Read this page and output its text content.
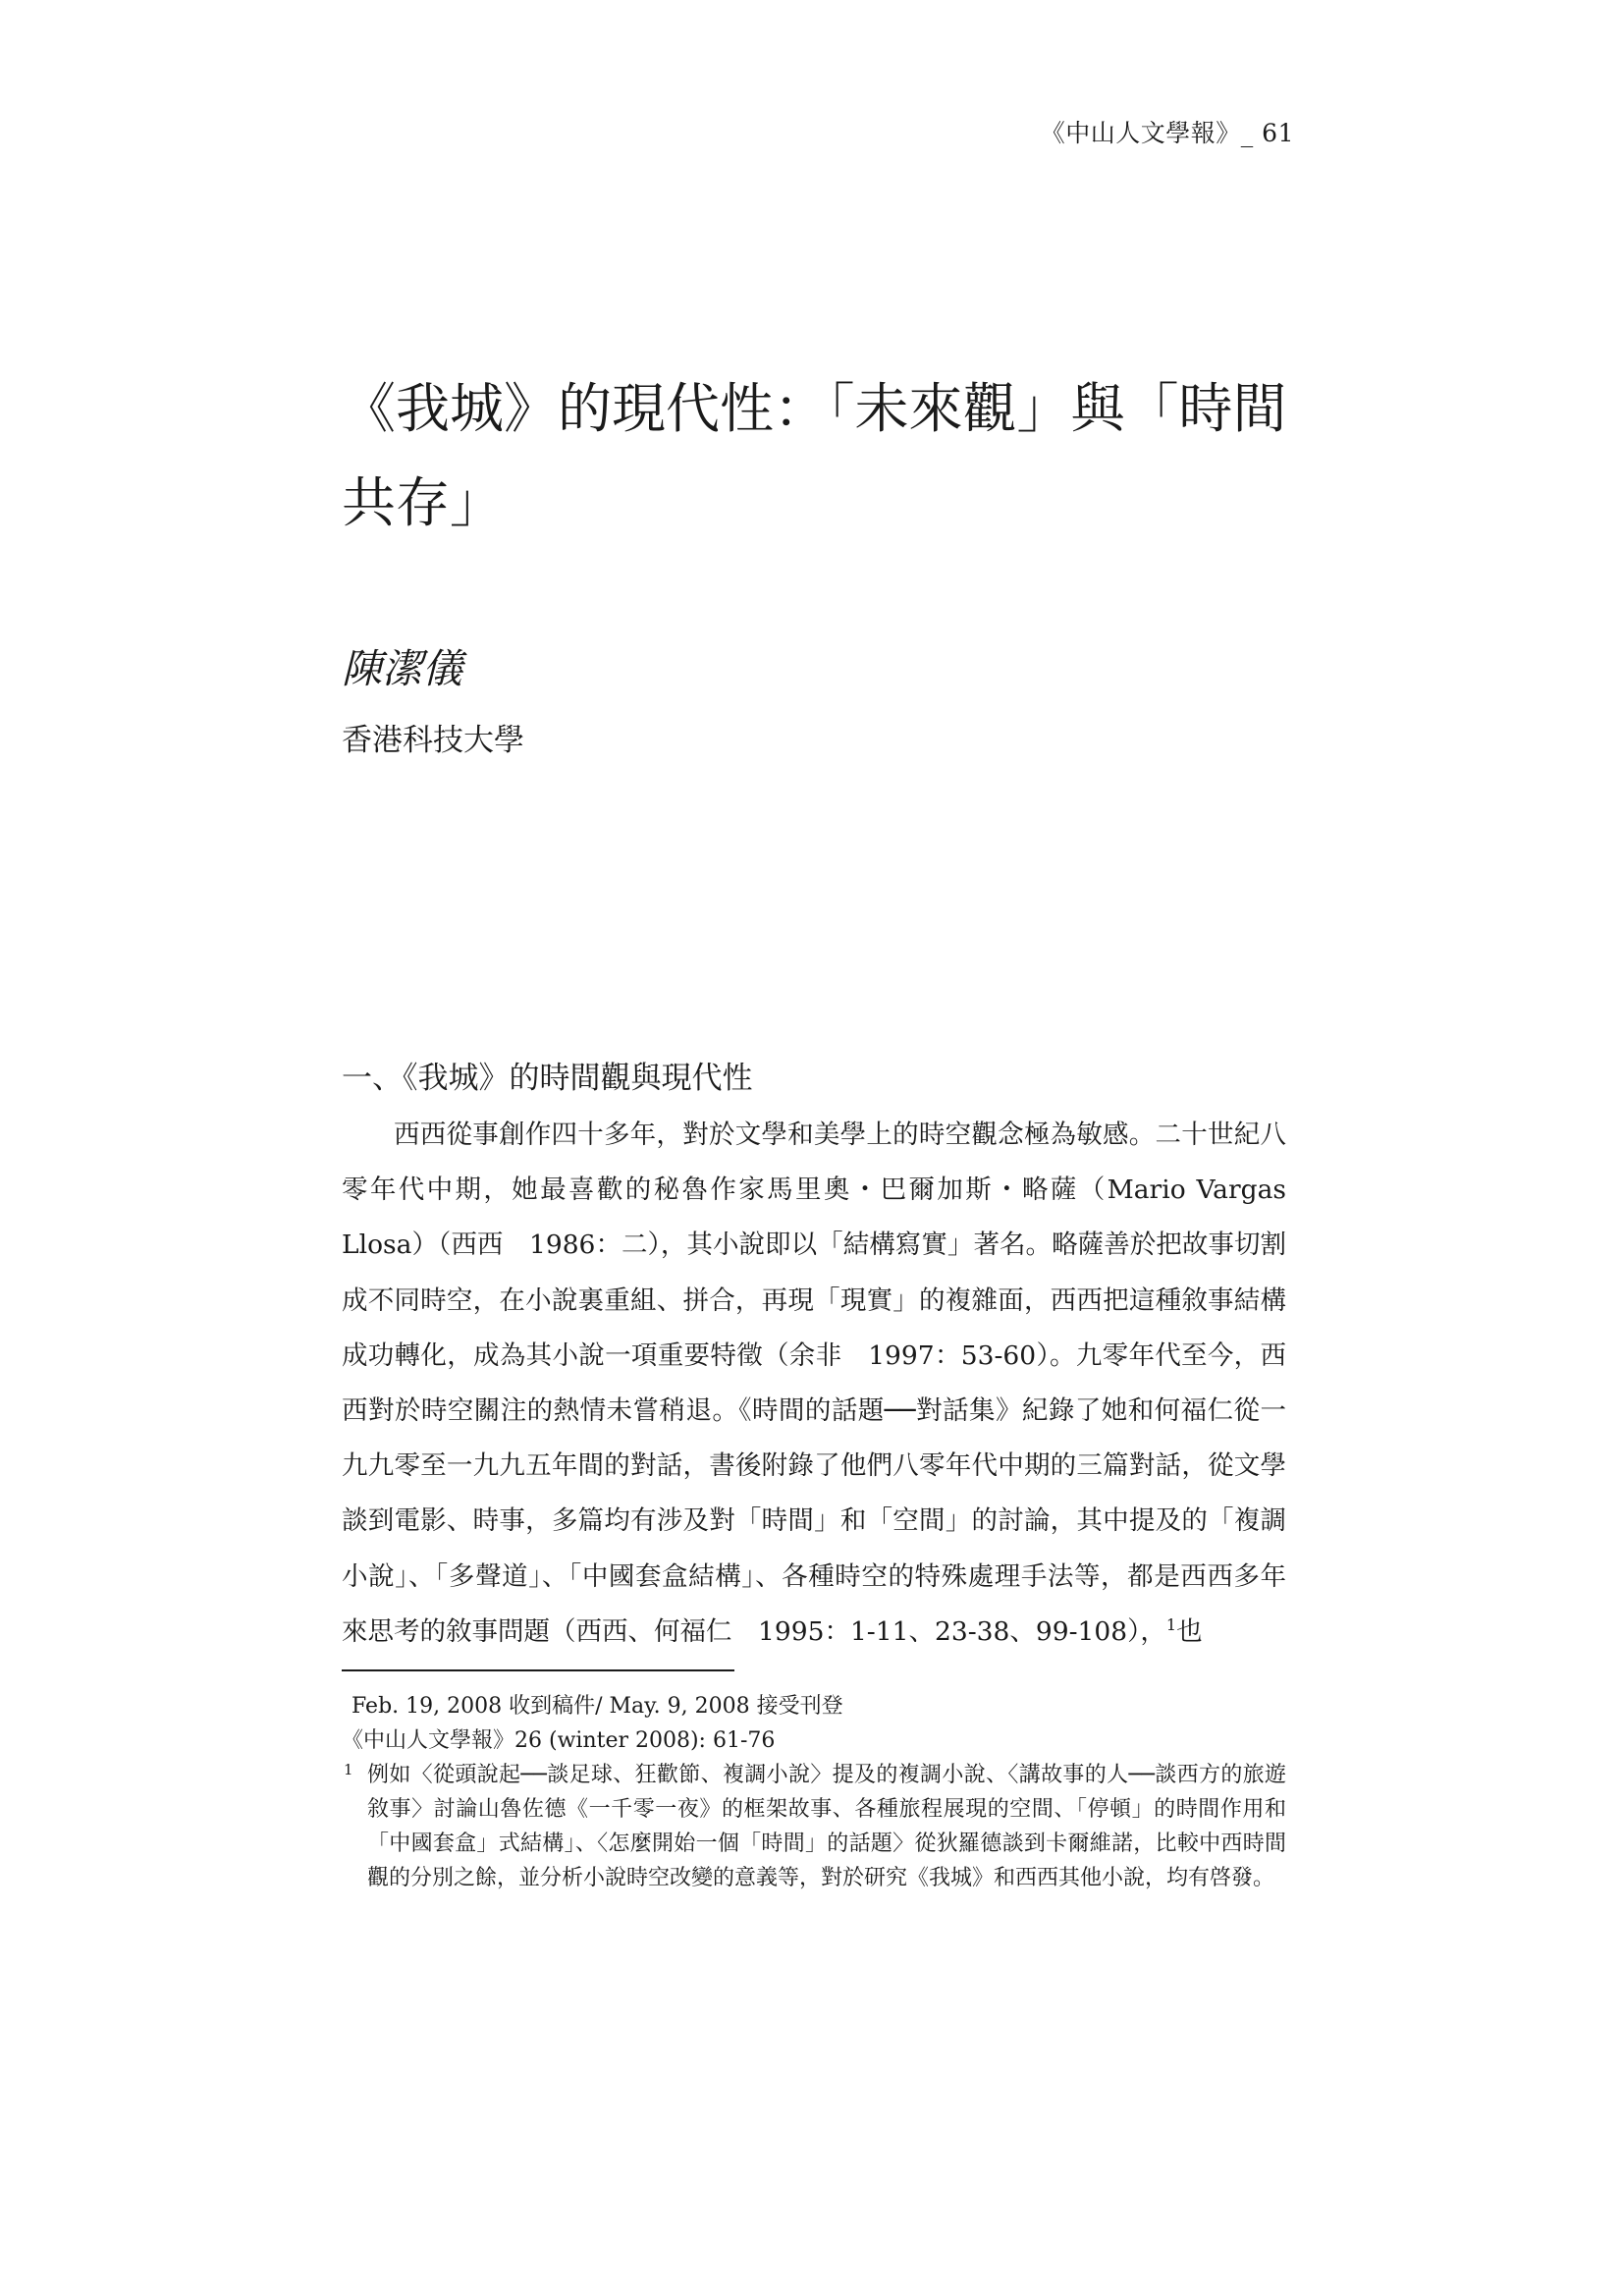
《中山人文學報》_ 61
《我城》的現代性：「未來觀」與「時間共存」
陳潔儀
香港科技大學
一、《我城》的時間觀與現代性

西西從事創作四十多年，對於文學和美學上的時空觀念極為敏感。二十世紀八零年代中期，她最喜歡的秘魯作家馬里奧・巴爾加斯・略薩（Mario Vargas Llosa）（西西　1986：二），其小說即以「結構寫實」著名。略薩善於把故事切割成不同時空，在小說裏重組、拼合，再現「現實」的複雜面，西西把這種敘事結構成功轉化，成為其小說一項重要特徵（余非　1997：53-60）。九零年代至今，西西對於時空關注的熱情未嘗稍退。《時間的話題──對話集》紀錄了她和何福仁從一九九零至一九九五年間的對話，書後附錄了他們八零年代中期的三篇對話，從文學談到電影、時事，多篇均有涉及對「時間」和「空間」的討論，其中提及的「複調小說」、「多聲道」、「中國套盒結構」、各種時空的特殊處理手法等，都是西西多年來思考的敘事問題（西西、何福仁　1995：1-11、23-38、99-108），$^1$也

Feb. 19, 2008 收到稿件/ May. 9, 2008 接受刊登
《中山人文學報》26 (winter 2008): 61-76
1 例如〈從頭說起──談足球、狂歡節、複調小說〉提及的複調小說、〈講故事的人──談西方的旅遊敘事〉討論山魯佐德《一千零一夜》的框架故事、各種旅程展現的空間、「停頓」的時間作用和「中國套盒」式結構」、〈怎麼開始一個「時間」的話題〉從狄羅德談到卡爾維諾，比較中西時間觀的分別之餘，並分析小說時空改變的意義等，對於研究《我城》和西西其他小說，均有啓發。
